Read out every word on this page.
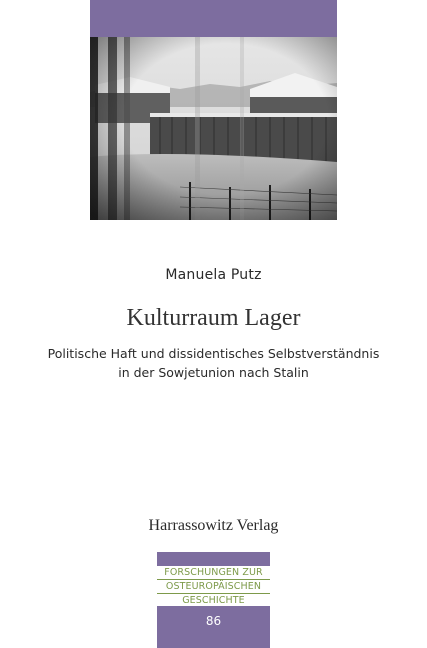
Manuela Putz
Kulturraum Lager
Politische Haft und dissidentisches Selbstverständnis
in der Sowjetunion nach Stalin
Harrassowitz Verlag
FORSCHUNGEN ZUR
OSTEUROPÄISCHEN
GESCHICHTE
86
